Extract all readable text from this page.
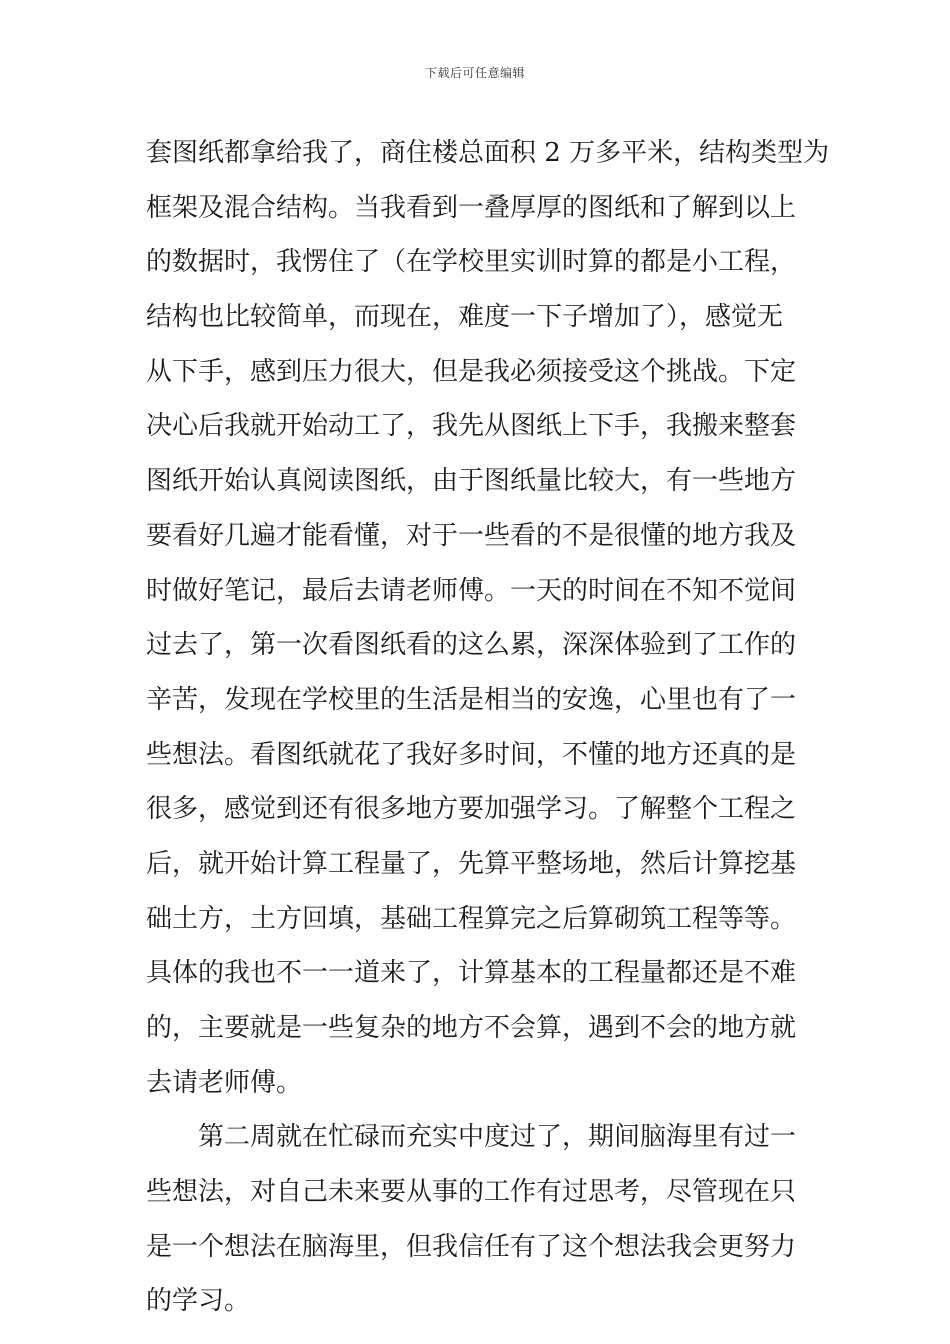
下载后可任意编辑
套图纸都拿给我了，商住楼总面积 2 万多平米，结构类型为
框架及混合结构。当我看到一叠厚厚的图纸和了解到以上
的数据时，我愣住了（在学校里实训时算的都是小工程，
结构也比较简单，而现在，难度一下子增加了），感觉无
从下手，感到压力很大，但是我必须接受这个挑战。下定
决心后我就开始动工了，我先从图纸上下手，我搬来整套
图纸开始认真阅读图纸，由于图纸量比较大，有一些地方
要看好几遍才能看懂，对于一些看的不是很懂的地方我及
时做好笔记，最后去请老师傅。一天的时间在不知不觉间
过去了，第一次看图纸看的这么累，深深体验到了工作的
辛苦，发现在学校里的生活是相当的安逸，心里也有了一
些想法。看图纸就花了我好多时间，不懂的地方还真的是
很多，感觉到还有很多地方要加强学习。了解整个工程之
后，就开始计算工程量了，先算平整场地，然后计算挖基
础土方，土方回填，基础工程算完之后算砌筑工程等等。
具体的我也不一一道来了，计算基本的工程量都还是不难
的，主要就是一些复杂的地方不会算，遇到不会的地方就
去请老师傅。
第二周就在忙碌而充实中度过了，期间脑海里有过一
些想法，对自己未来要从事的工作有过思考，尽管现在只
是一个想法在脑海里，但我信任有了这个想法我会更努力
的学习。
